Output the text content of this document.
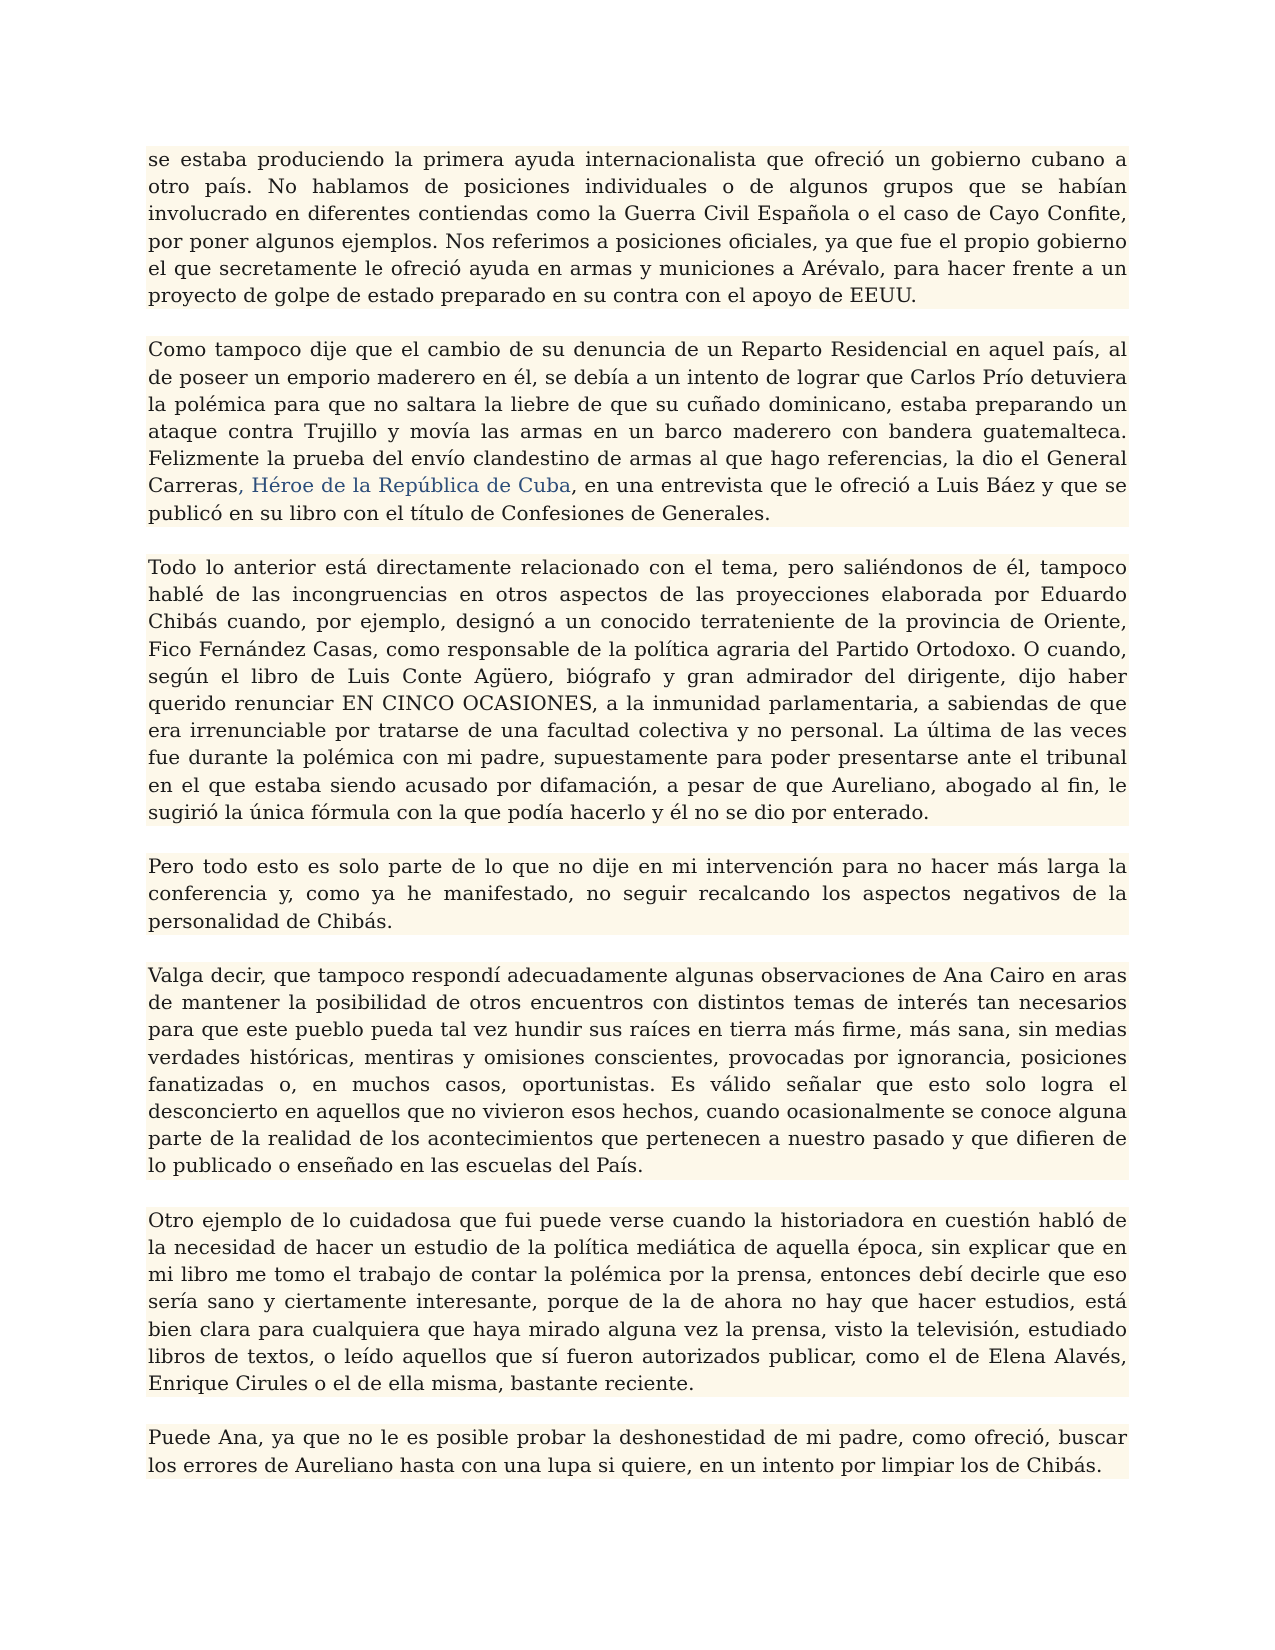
se estaba produciendo la primera ayuda internacionalista que ofreció un gobierno cubano a otro país. No hablamos de posiciones individuales o de algunos grupos que se habían involucrado en diferentes contiendas como la Guerra Civil Española o el caso de Cayo Confite, por poner algunos ejemplos. Nos referimos a posiciones oficiales, ya que fue el propio gobierno el que secretamente le ofreció ayuda en armas y municiones a Arévalo, para hacer frente a un proyecto de golpe de estado preparado en su contra con el apoyo de EEUU.

Como tampoco dije que el cambio de su denuncia de un Reparto Residencial en aquel país, al de poseer un emporio maderero en él, se debía a un intento de lograr que Carlos Prío detuviera la polémica para que no saltara la liebre de que su cuñado dominicano, estaba preparando un ataque contra Trujillo y movía las armas en un barco maderero con bandera guatemalteca. Felizmente la prueba del envío clandestino de armas al que hago referencias, la dio el General Carreras, Héroe de la República de Cuba, en una entrevista que le ofreció a Luis Báez y que se publicó en su libro con el título de Confesiones de Generales.

Todo lo anterior está directamente relacionado con el tema, pero saliéndonos de él, tampoco hablé de las incongruencias en otros aspectos de las proyecciones elaborada por Eduardo Chibás cuando, por ejemplo, designó a un conocido terrateniente de la provincia de Oriente, Fico Fernández Casas, como responsable de la política agraria del Partido Ortodoxo. O cuando, según el libro de Luis Conte Agüero, biógrafo y gran admirador del dirigente, dijo haber querido renunciar EN CINCO OCASIONES, a la inmunidad parlamentaria, a sabiendas de que era irrenunciable por tratarse de una facultad colectiva y no personal. La última de las veces fue durante la polémica con mi padre, supuestamente para poder presentarse ante el tribunal en el que estaba siendo acusado por difamación, a pesar de que Aureliano, abogado al fin, le sugirió la única fórmula con la que podía hacerlo y él no se dio por enterado.

Pero todo esto es solo parte de lo que no dije en mi intervención para no hacer más larga la conferencia y, como ya he manifestado, no seguir recalcando los aspectos negativos de la personalidad de Chibás.

Valga decir, que tampoco respondí adecuadamente algunas observaciones de Ana Cairo en aras de mantener la posibilidad de otros encuentros con distintos temas de interés tan necesarios para que este pueblo pueda tal vez hundir sus raíces en tierra más firme, más sana, sin medias verdades históricas, mentiras y omisiones conscientes, provocadas por ignorancia, posiciones fanatizadas o, en muchos casos, oportunistas. Es válido señalar que esto solo logra el desconcierto en aquellos que no vivieron esos hechos, cuando ocasionalmente se conoce alguna parte de la realidad de los acontecimientos que pertenecen a nuestro pasado y que difieren de lo publicado o enseñado en las escuelas del País.

Otro ejemplo de lo cuidadosa que fui puede verse cuando la historiadora en cuestión habló de la necesidad de hacer un estudio de la política mediática de aquella época, sin explicar que en mi libro me tomo el trabajo de contar la polémica por la prensa, entonces debí decirle que eso sería sano y ciertamente interesante, porque de la de ahora no hay que hacer estudios, está bien clara para cualquiera que haya mirado alguna vez la prensa, visto la televisión, estudiado libros de textos, o leído aquellos que sí fueron autorizados publicar, como el de Elena Alavés, Enrique Cirules o el de ella misma, bastante reciente.

Puede Ana, ya que no le es posible probar la deshonestidad de mi padre, como ofreció, buscar los errores de Aureliano hasta con una lupa si quiere, en un intento por limpiar los de Chibás.
